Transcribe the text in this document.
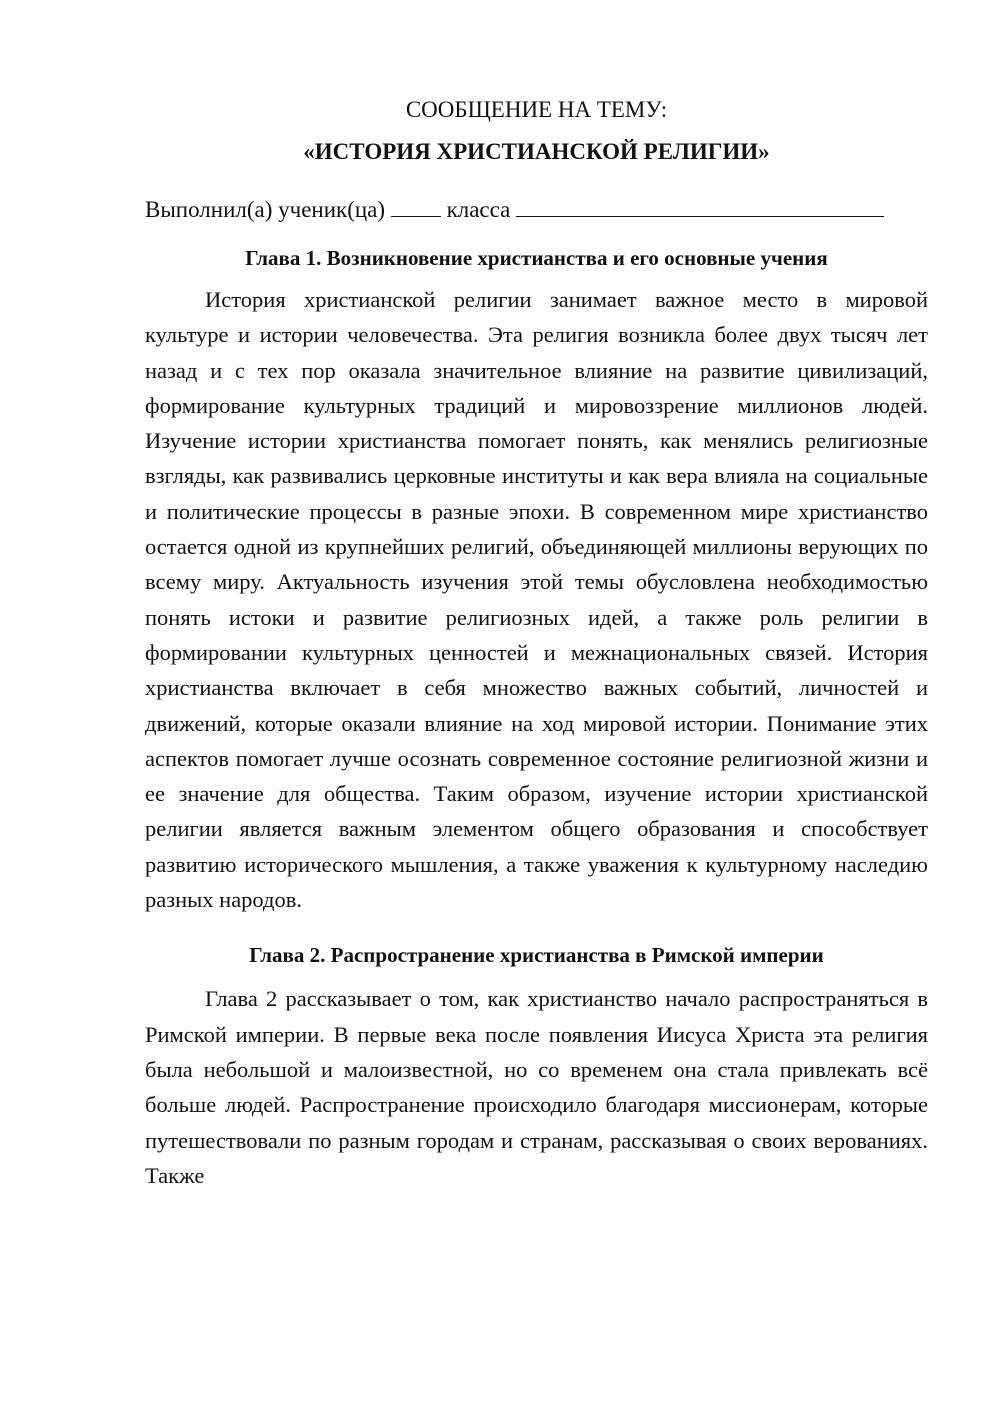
СООБЩЕНИЕ НА ТЕМУ:

«ИСТОРИЯ ХРИСТИАНСКОЙ РЕЛИГИИ»

Выполнил(а) ученик(ца)	класса

Глава 1. Возникновение христианства и его основные учения

История христианской религии занимает важное место в мировой культуре и истории человечества. Эта религия возникла более двух тысяч лет назад и с тех пор оказала значительное влияние на развитие цивилизаций, формирование культурных традиций и мировоззрение миллионов людей. Изучение истории христианства помогает понять, как менялись религиозные взгляды, как развивались церковные институты и как вера влияла на социальные и политические процессы в разные эпохи. В современном мире христианство остается одной из крупнейших религий, объединяющей миллионы верующих по всему миру. Актуальность изучения этой темы обусловлена необходимостью понять истоки и развитие религиозных идей, а также роль религии в формировании культурных ценностей и межнациональных связей. История христианства включает в себя множество важных событий, личностей и движений, которые оказали влияние на ход мировой истории. Понимание этих аспектов помогает лучше осознать современное состояние религиозной жизни и ее значение для общества. Таким образом, изучение истории христианской религии является важным элементом общего образования и способствует развитию исторического мышления, а также уважения к культурному наследию разных народов.

Глава 2. Распространение христианства в Римской империи

Глава 2 рассказывает о том, как христианство начало распространяться в Римской империи. В первые века после появления Иисуса Христа эта религия была небольшой и малоизвестной, но со временем она стала привлекать всё больше людей. Распространение происходило благодаря миссионерам, которые путешествовали по разным городам и странам, рассказывая о своих верованиях. Также
